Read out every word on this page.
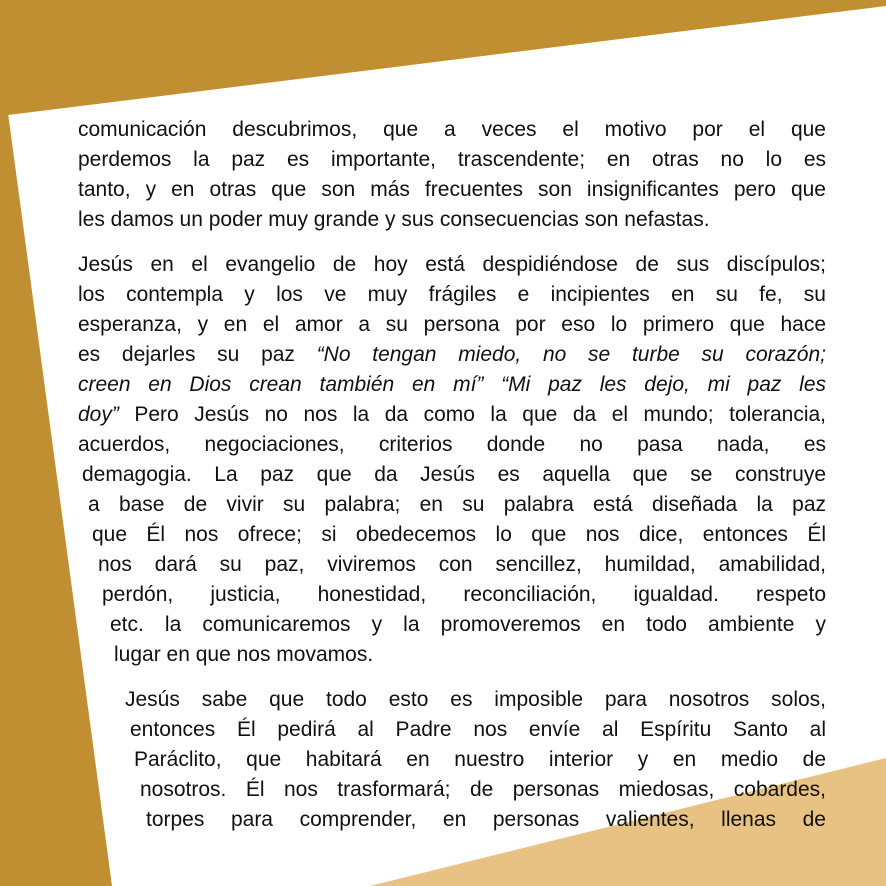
comunicación descubrimos, que a veces el motivo por el que
perdemos la paz es importante, trascendente; en otras no lo es
tanto, y en otras que son más frecuentes son insignificantes pero que
les damos un poder muy grande y sus consecuencias son nefastas.
Jesús en el evangelio de hoy está despidiéndose de sus discípulos;
los contempla y los ve muy frágiles e incipientes en su fe, su
esperanza, y en el amor a su persona por eso lo primero que hace
es dejarles su paz “No tengan miedo, no se turbe su corazón;
creen en Dios crean también en mí” “Mi paz les dejo, mi paz les
doy” Pero Jesús no nos la da como la que da el mundo; tolerancia,
acuerdos, negociaciones, criterios donde no pasa nada, es
demagogia. La paz que da Jesús es aquella que se construye
a base de vivir su palabra; en su palabra está diseñada la paz
que Él nos ofrece; si obedecemos lo que nos dice, entonces Él
nos dará su paz, viviremos con sencillez, humildad, amabilidad,
perdón, justicia, honestidad, reconciliación, igualdad. respeto
etc. la comunicaremos y la promoveremos en todo ambiente y
lugar en que nos movamos.
Jesús sabe que todo esto es imposible para nosotros solos,
entonces Él pedirá al Padre nos envíe al Espíritu Santo al
Paráclito, que habitará en nuestro interior y en medio de
nosotros. Él nos trasformará; de personas miedosas, cobardes,
torpes para comprender, en personas valientes, llenas de
